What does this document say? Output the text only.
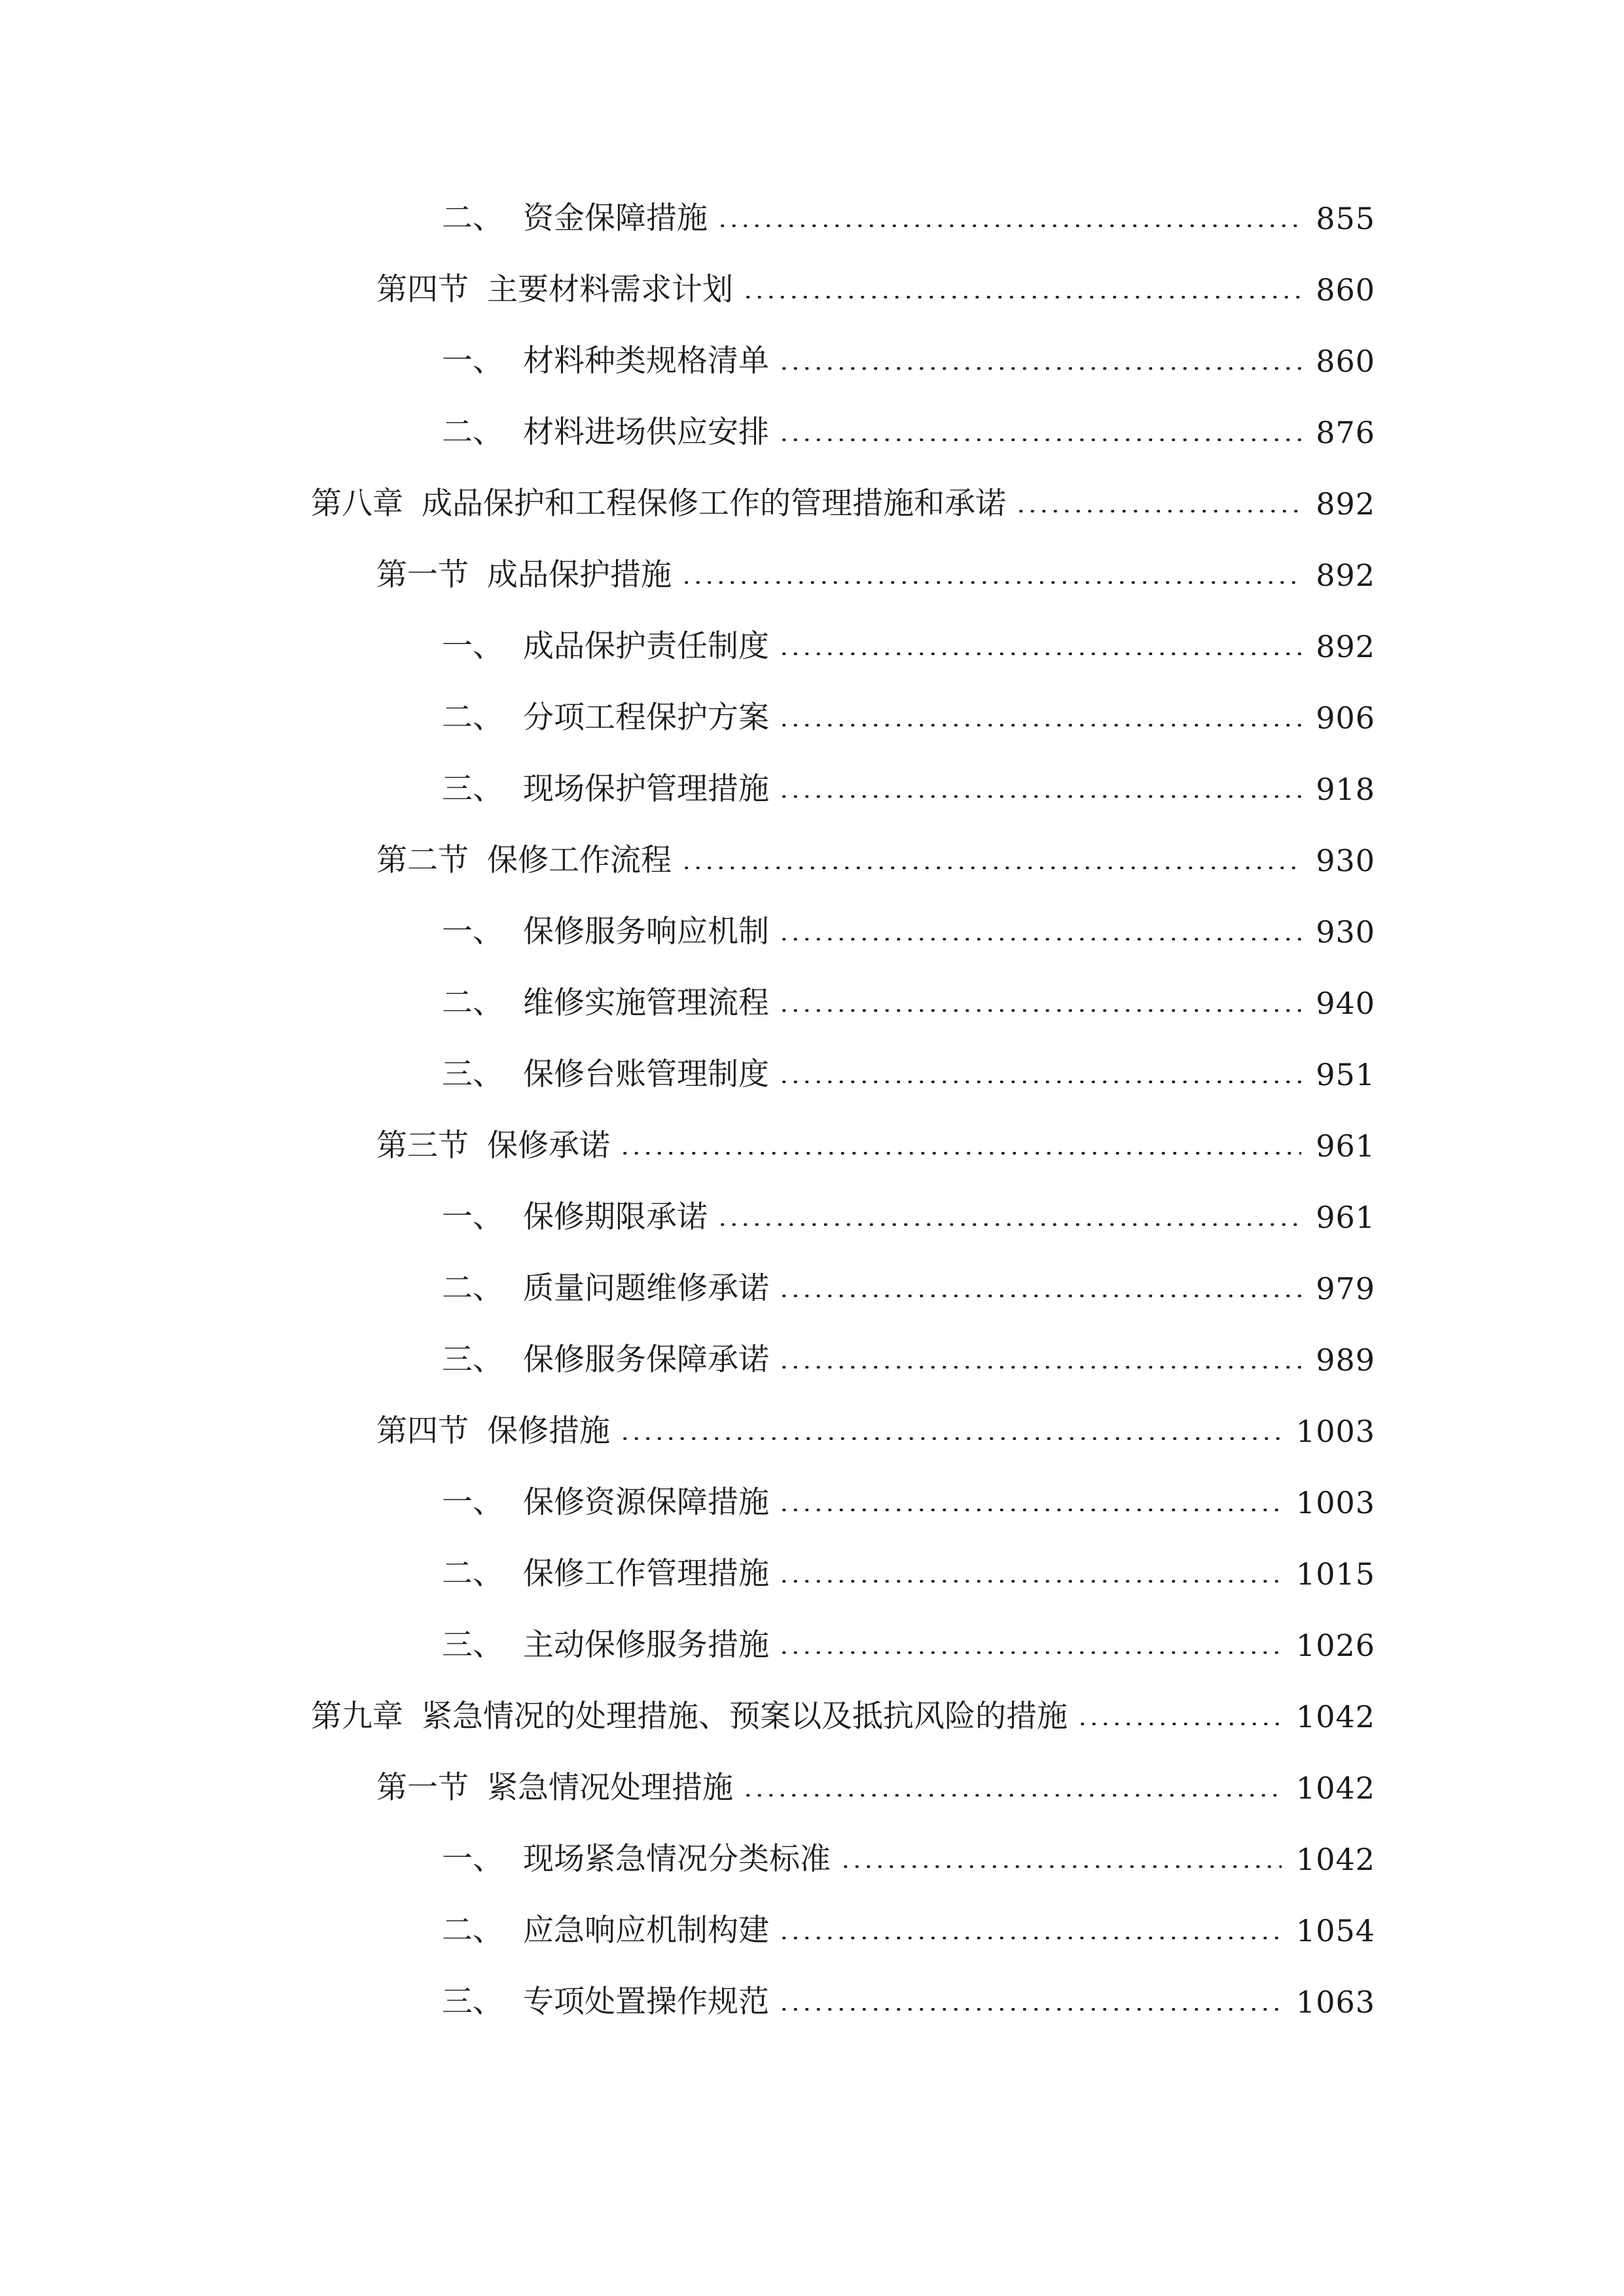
二、 资金保障措施	855
第四节 主要材料需求计划	860
一、 材料种类规格清单	860
二、 材料进场供应安排	876
第八章 成品保护和工程保修工作的管理措施和承诺	892
第一节 成品保护措施	892
一、 成品保护责任制度	892
二、 分项工程保护方案	906
三、 现场保护管理措施	918
第二节 保修工作流程	930
一、 保修服务响应机制	930
二、 维修实施管理流程	940
三、 保修台账管理制度	951
第三节 保修承诺	961
一、 保修期限承诺	961
二、 质量问题维修承诺	979
三、 保修服务保障承诺	989
第四节 保修措施	1003
一、 保修资源保障措施	1003
二、 保修工作管理措施	1015
三、 主动保修服务措施	1026
第九章 紧急情况的处理措施、预案以及抵抗风险的措施	1042
第一节 紧急情况处理措施	1042
一、 现场紧急情况分类标准	1042
二、 应急响应机制构建	1054
三、 专项处置操作规范	1063
